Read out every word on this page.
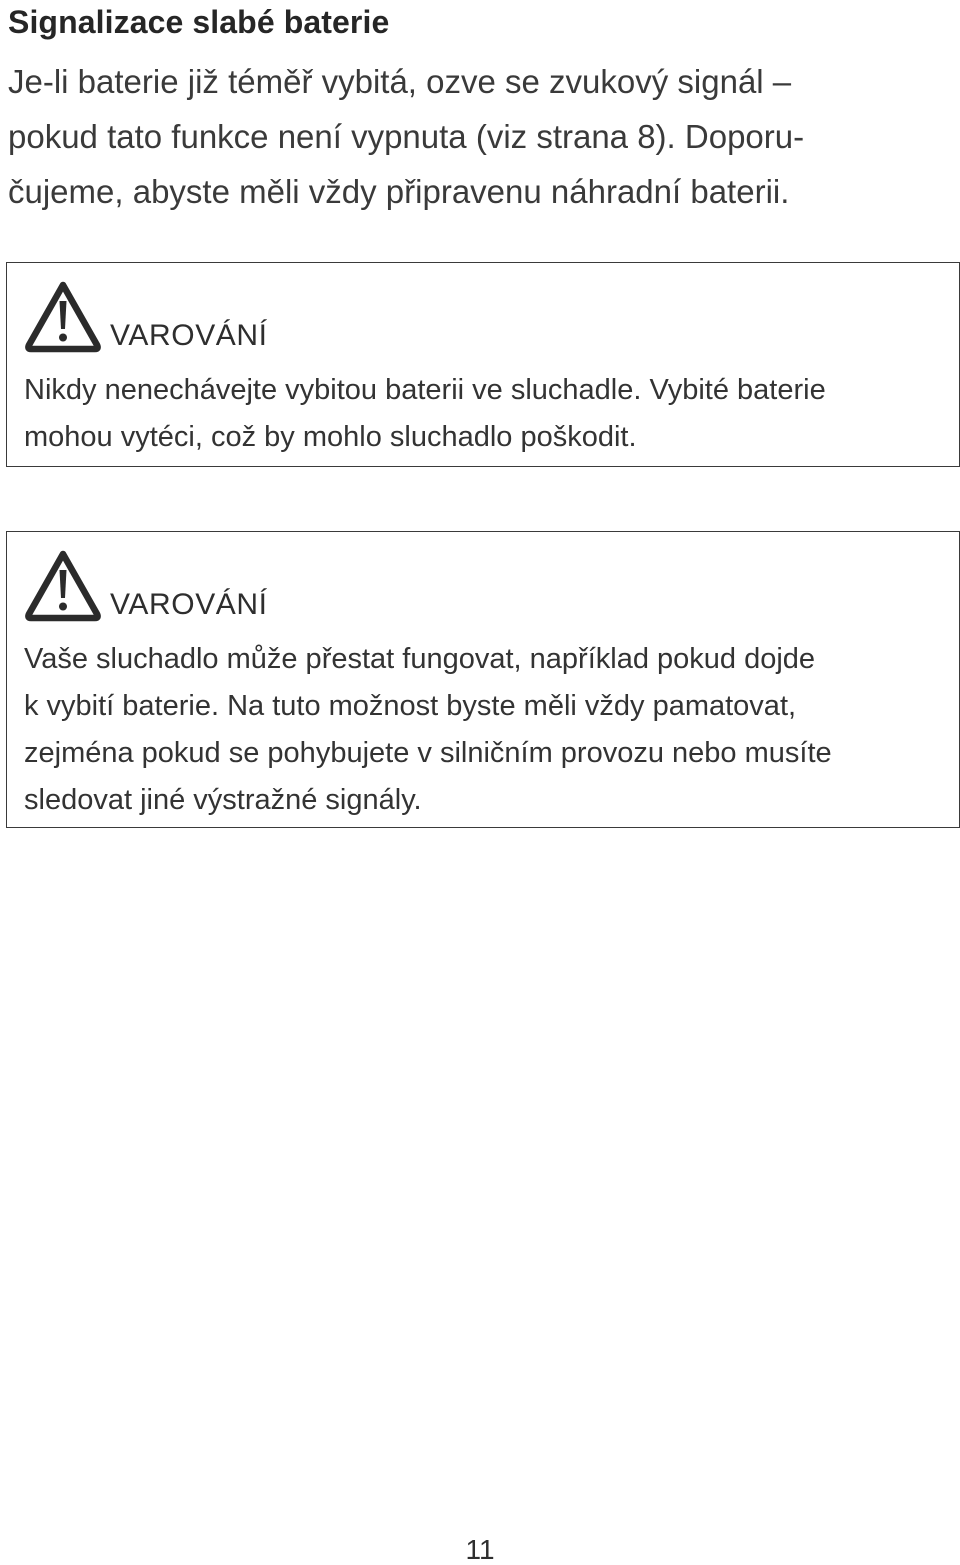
Signalizace slabé baterie
Je-li baterie již téměř vybitá, ozve se zvukový signál –
pokud tato funkce není vypnuta (viz strana 8). Doporu-
čujeme, abyste měli vždy připravenu náhradní baterii.
VAROVÁNÍ
Nikdy nenechávejte vybitou baterii ve sluchadle. Vybité baterie
mohou vytéci, což by mohlo sluchadlo poškodit.
VAROVÁNÍ
Vaše sluchadlo může přestat fungovat, například pokud dojde
k vybití baterie. Na tuto možnost byste měli vždy pamatovat,
zejména pokud se pohybujete v silničním provozu nebo musíte
sledovat jiné výstražné signály.
11
